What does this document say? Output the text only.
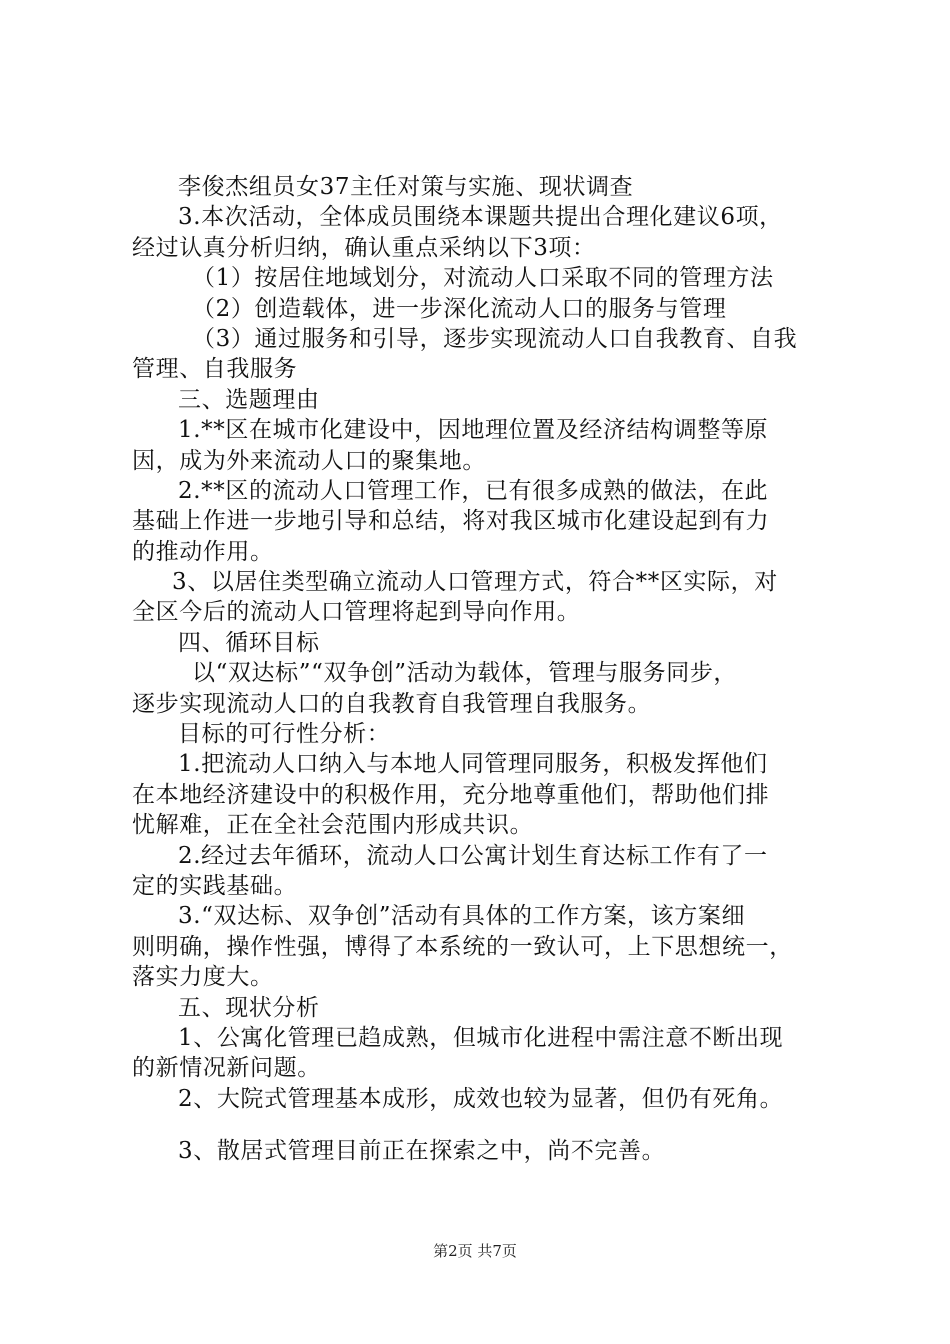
李俊杰组员女37主任对策与实施、现状调查
3.本次活动，全体成员围绕本课题共提出合理化建议6项，
经过认真分析归纳，确认重点采纳以下3项：
（1）按居住地域划分，对流动人口采取不同的管理方法
（2）创造载体，进一步深化流动人口的服务与管理
（3）通过服务和引导，逐步实现流动人口自我教育、自我
管理、自我服务
三、选题理由
1.**区在城市化建设中，因地理位置及经济结构调整等原
因，成为外来流动人口的聚集地。
2.**区的流动人口管理工作，已有很多成熟的做法，在此
基础上作进一步地引导和总结，将对我区城市化建设起到有力
的推动作用。
3、以居住类型确立流动人口管理方式，符合**区实际，对
全区今后的流动人口管理将起到导向作用。
四、循环目标
以“双达标”“双争创”活动为载体，管理与服务同步，
逐步实现流动人口的自我教育自我管理自我服务。
目标的可行性分析：
1.把流动人口纳入与本地人同管理同服务，积极发挥他们
在本地经济建设中的积极作用，充分地尊重他们，帮助他们排
忧解难，正在全社会范围内形成共识。
2.经过去年循环，流动人口公寓计划生育达标工作有了一
定的实践基础。
3.“双达标、双争创”活动有具体的工作方案，该方案细
则明确，操作性强，博得了本系统的一致认可，上下思想统一，
落实力度大。
五、现状分析
1、公寓化管理已趋成熟，但城市化进程中需注意不断出现
的新情况新问题。
2、大院式管理基本成形，成效也较为显著，但仍有死角。
3、散居式管理目前正在探索之中，尚不完善。
第2页 共7页
